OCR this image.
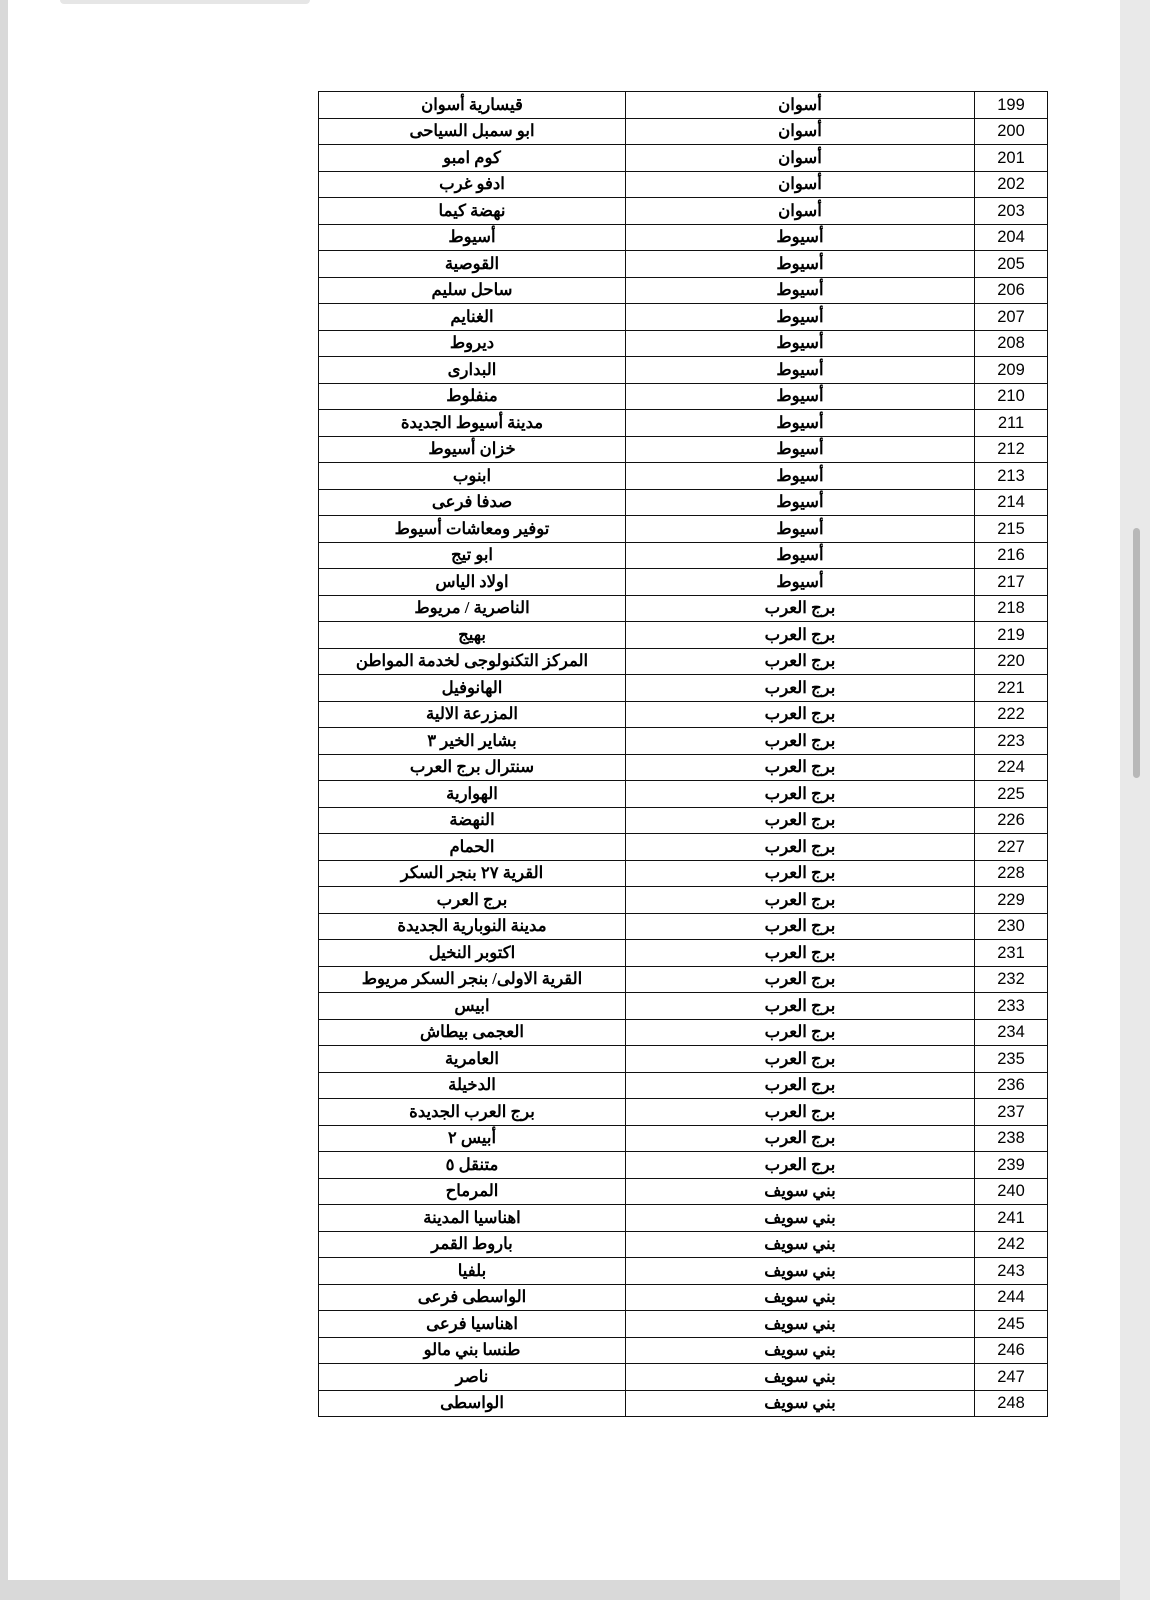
قيسارية أسوان	أسوان	199
ابو سمبل السياحى	أسوان	200
كوم امبو	أسوان	201
ادفو غرب	أسوان	202
نهضة كيما	أسوان	203
أسيوط	أسيوط	204
القوصية	أسيوط	205
ساحل سليم	أسيوط	206
الغنايم	أسيوط	207
ديروط	أسيوط	208
البدارى	أسيوط	209
منفلوط	أسيوط	210
مدينة أسيوط الجديدة	أسيوط	211
خزان أسيوط	أسيوط	212
ابنوب	أسيوط	213
صدفا فرعى	أسيوط	214
توفير ومعاشات أسيوط	أسيوط	215
ابو تيج	أسيوط	216
اولاد الياس	أسيوط	217
الناصرية / مريوط	برج العرب	218
بهيج	برج العرب	219
المركز التكنولوجى لخدمة المواطن	برج العرب	220
الهانوفيل	برج العرب	221
المزرعة الالية	برج العرب	222
بشاير الخير ٣	برج العرب	223
سنترال برج العرب	برج العرب	224
الهوارية	برج العرب	225
النهضة	برج العرب	226
الحمام	برج العرب	227
القرية ٢٧ بنجر السكر	برج العرب	228
برج العرب	برج العرب	229
مدينة النوبارية الجديدة	برج العرب	230
اكتوبر النخيل	برج العرب	231
القرية الاولى/ بنجر السكر مريوط	برج العرب	232
ابيس	برج العرب	233
العجمى بيطاش	برج العرب	234
العامرية	برج العرب	235
الدخيلة	برج العرب	236
برج العرب الجديدة	برج العرب	237
أبيس ٢	برج العرب	238
متنقل ٥	برج العرب	239
المرماح	بني سويف	240
اهناسيا المدينة	بني سويف	241
باروط القمر	بني سويف	242
بلفيا	بني سويف	243
الواسطى فرعى	بني سويف	244
اهناسيا فرعى	بني سويف	245
طنسا بني مالو	بني سويف	246
ناصر	بني سويف	247
الواسطى	بني سويف	248
